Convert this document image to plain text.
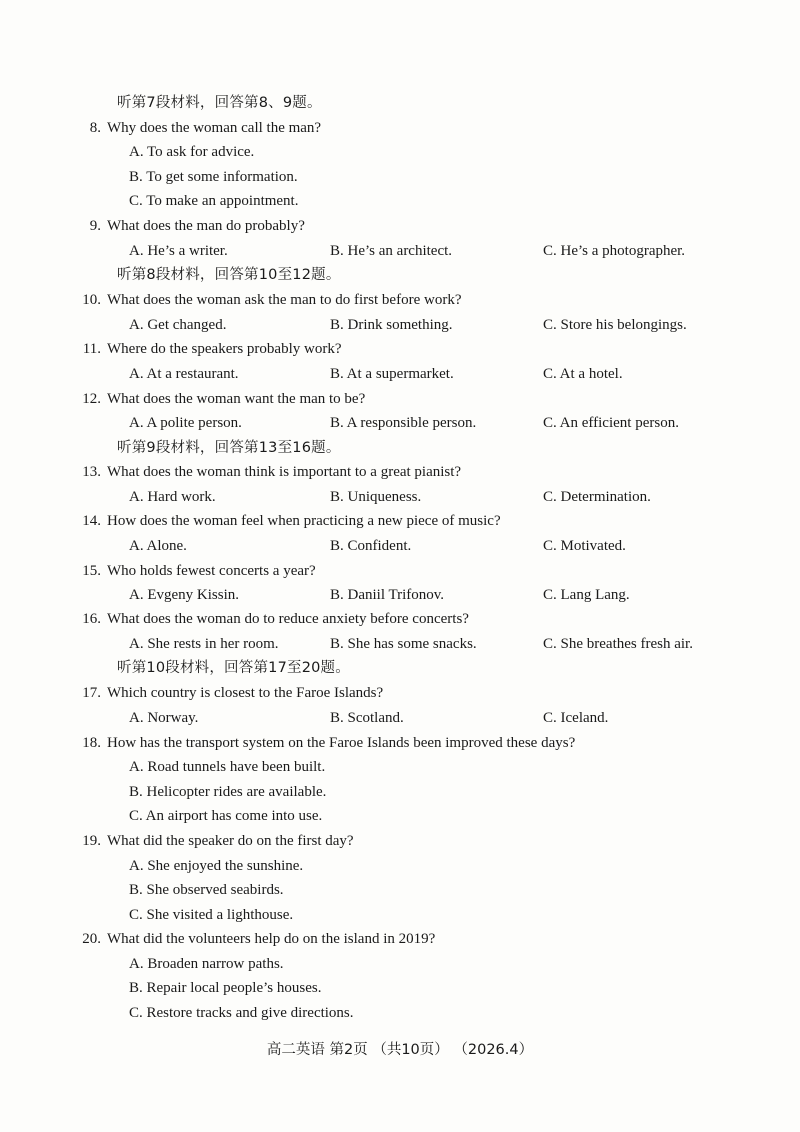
听第7段材料，回答第8、9题。
8. Why does the woman call the man?
A. To ask for advice.
B. To get some information.
C. To make an appointment.
9. What does the man do probably?
A. He’s a writer.	B. He’s an architect.	C. He’s a photographer.
听第8段材料，回答第10至12题。
10. What does the woman ask the man to do first before work?
A. Get changed.	B. Drink something.	C. Store his belongings.
11. Where do the speakers probably work?
A. At a restaurant.	B. At a supermarket.	C. At a hotel.
12. What does the woman want the man to be?
A. A polite person.	B. A responsible person.	C. An efficient person.
听第9段材料，回答第13至16题。
13. What does the woman think is important to a great pianist?
A. Hard work.	B. Uniqueness.	C. Determination.
14. How does the woman feel when practicing a new piece of music?
A. Alone.	B. Confident.	C. Motivated.
15. Who holds fewest concerts a year?
A. Evgeny Kissin.	B. Daniil Trifonov.	C. Lang Lang.
16. What does the woman do to reduce anxiety before concerts?
A. She rests in her room.	B. She has some snacks.	C. She breathes fresh air.
听第10段材料，回答第17至20题。
17. Which country is closest to the Faroe Islands?
A. Norway.	B. Scotland.	C. Iceland.
18. How has the transport system on the Faroe Islands been improved these days?
A. Road tunnels have been built.
B. Helicopter rides are available.
C. An airport has come into use.
19. What did the speaker do on the first day?
A. She enjoyed the sunshine.
B. She observed seabirds.
C. She visited a lighthouse.
20. What did the volunteers help do on the island in 2019?
A. Broaden narrow paths.
B. Repair local people’s houses.
C. Restore tracks and give directions.
高二英语 第2页 （共10页） （2026.4）
